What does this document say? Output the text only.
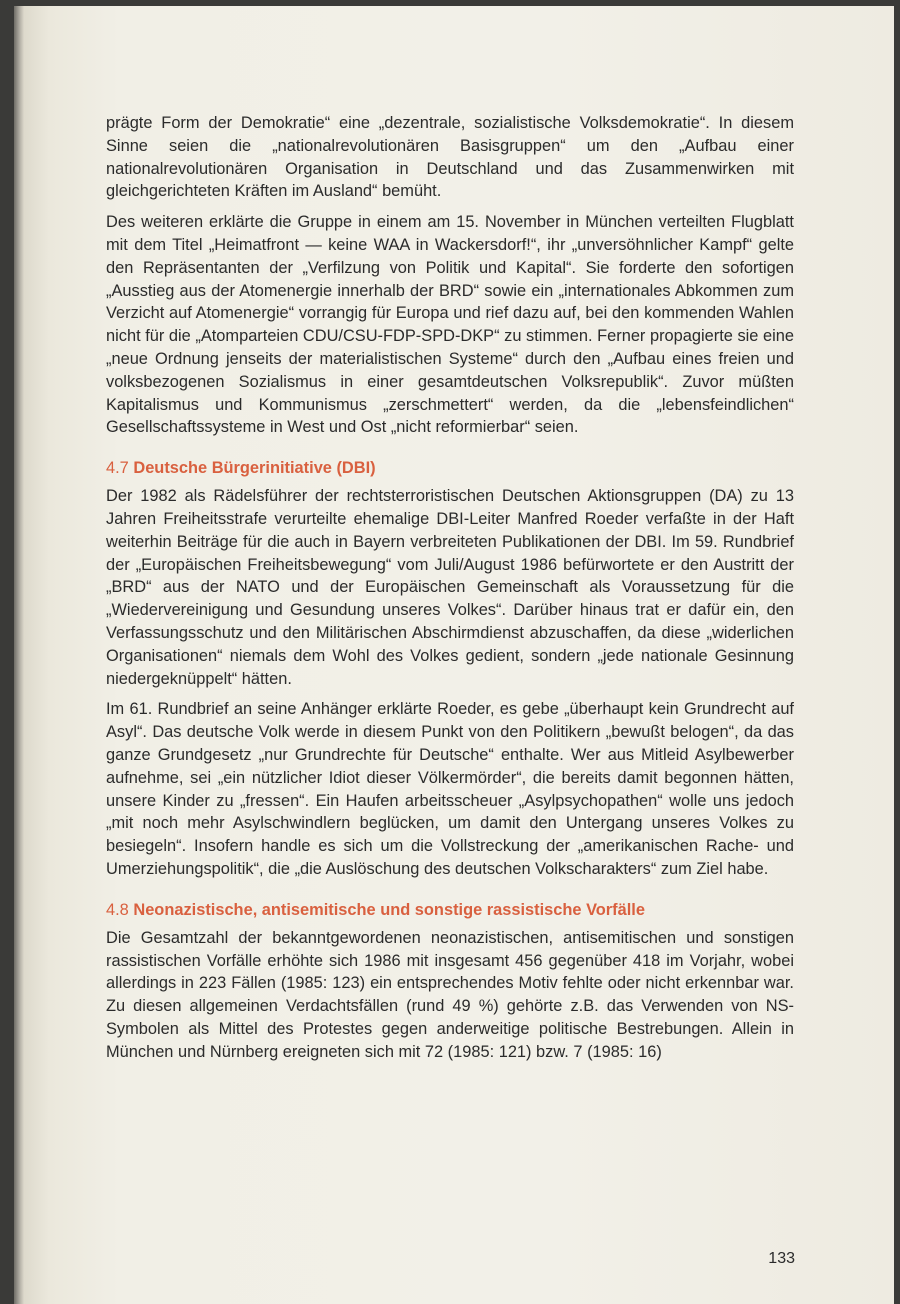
prägte Form der Demokratie“ eine „dezentrale, sozialistische Volksdemokratie“. In diesem Sinne seien die „nationalrevolutionären Basisgruppen“ um den „Aufbau einer nationalrevolutionären Organisation in Deutschland und das Zusammenwirken mit gleichgerichteten Kräften im Ausland“ bemüht.

Des weiteren erklärte die Gruppe in einem am 15. November in München verteilten Flugblatt mit dem Titel „Heimatfront — keine WAA in Wackersdorf!“, ihr „unversöhnlicher Kampf“ gelte den Repräsentanten der „Verfilzung von Politik und Kapital“. Sie forderte den sofortigen „Ausstieg aus der Atomenergie innerhalb der BRD“ sowie ein „internationales Abkommen zum Verzicht auf Atomenergie“ vorrangig für Europa und rief dazu auf, bei den kommenden Wahlen nicht für die „Atomparteien CDU/CSU-FDP-SPD-DKP“ zu stimmen. Ferner propagierte sie eine „neue Ordnung jenseits der materialistischen Systeme“ durch den „Aufbau eines freien und volksbezogenen Sozialismus in einer gesamtdeutschen Volksrepublik“. Zuvor müßten Kapitalismus und Kommunismus „zerschmettert“ werden, da die „lebensfeindlichen“ Gesellschaftssysteme in West und Ost „nicht reformierbar“ seien.

4.7 Deutsche Bürgerinitiative (DBI)

Der 1982 als Rädelsführer der rechtsterroristischen Deutschen Aktionsgruppen (DA) zu 13 Jahren Freiheitsstrafe verurteilte ehemalige DBI-Leiter Manfred Roeder verfaßte in der Haft weiterhin Beiträge für die auch in Bayern verbreiteten Publikationen der DBI. Im 59. Rundbrief der „Europäischen Freiheitsbewegung“ vom Juli/August 1986 befürwortete er den Austritt der „BRD“ aus der NATO und der Europäischen Gemeinschaft als Voraussetzung für die „Wiedervereinigung und Gesundung unseres Volkes“. Darüber hinaus trat er dafür ein, den Verfassungsschutz und den Militärischen Abschirmdienst abzuschaffen, da diese „widerlichen Organisationen“ niemals dem Wohl des Volkes gedient, sondern „jede nationale Gesinnung niedergeknüppelt“ hätten.

Im 61. Rundbrief an seine Anhänger erklärte Roeder, es gebe „überhaupt kein Grundrecht auf Asyl“. Das deutsche Volk werde in diesem Punkt von den Politikern „bewußt belogen“, da das ganze Grundgesetz „nur Grundrechte für Deutsche“ enthalte. Wer aus Mitleid Asylbewerber aufnehme, sei „ein nützlicher Idiot dieser Völkermörder“, die bereits damit begonnen hätten, unsere Kinder zu „fressen“. Ein Haufen arbeitsscheuer „Asylpsychopathen“ wolle uns jedoch „mit noch mehr Asylschwindlern beglücken, um damit den Untergang unseres Volkes zu besiegeln“. Insofern handle es sich um die Vollstreckung der „amerikanischen Rache- und Umerziehungspolitik“, die „die Auslöschung des deutschen Volkscharakters“ zum Ziel habe.

4.8 Neonazistische, antisemitische und sonstige rassistische Vorfälle

Die Gesamtzahl der bekanntgewordenen neonazistischen, antisemitischen und sonstigen rassistischen Vorfälle erhöhte sich 1986 mit insgesamt 456 gegenüber 418 im Vorjahr, wobei allerdings in 223 Fällen (1985: 123) ein entsprechendes Motiv fehlte oder nicht erkennbar war. Zu diesen allgemeinen Verdachtsfällen (rund 49 %) gehörte z.B. das Verwenden von NS-Symbolen als Mittel des Protestes gegen anderweitige politische Bestrebungen. Allein in München und Nürnberg ereigneten sich mit 72 (1985: 121) bzw. 7 (1985: 16)

133
